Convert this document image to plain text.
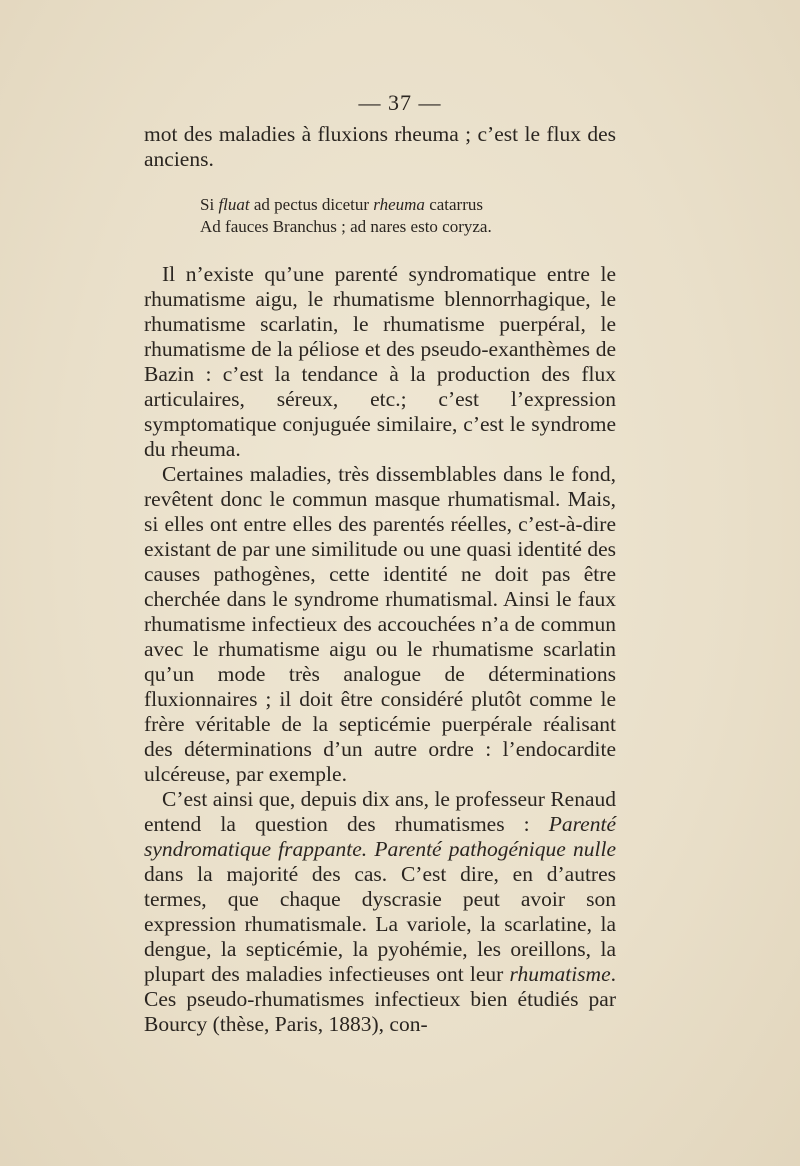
— 37 —

mot des maladies à fluxions rheuma ; c’est le flux des anciens.

Si fluat ad pectus dicetur rheuma catarrus
Ad fauces Branchus ; ad nares esto coryza.

Il n’existe qu’une parenté syndromatique entre le rhumatisme aigu, le rhumatisme blennorrhagique, le rhumatisme scarlatin, le rhumatisme puerpéral, le rhumatisme de la péliose et des pseudo-exanthèmes de Bazin : c’est la tendance à la production des flux articulaires, séreux, etc.; c’est l’expression symptomatique conjuguée similaire, c’est le syndrome du rheuma.

Certaines maladies, très dissemblables dans le fond, revêtent donc le commun masque rhumatismal. Mais, si elles ont entre elles des parentés réelles, c’est-à-dire existant de par une similitude ou une quasi identité des causes pathogènes, cette identité ne doit pas être cherchée dans le syndrome rhumatismal. Ainsi le faux rhumatisme infectieux des accouchées n’a de commun avec le rhumatisme aigu ou le rhumatisme scarlatin qu’un mode très analogue de déterminations fluxionnaires ; il doit être considéré plutôt comme le frère véritable de la septicémie puerpérale réalisant des déterminations d’un autre ordre : l’endocardite ulcéreuse, par exemple.

C’est ainsi que, depuis dix ans, le professeur Renaud entend la question des rhumatismes : Parenté syndromatique frappante. Parenté pathogénique nulle dans la majorité des cas. C’est dire, en d’autres termes, que chaque dyscrasie peut avoir son expression rhumatismale. La variole, la scarlatine, la dengue, la septicémie, la pyohémie, les oreillons, la plupart des maladies infectieuses ont leur rhumatisme. Ces pseudo-rhumatismes infectieux bien étudiés par Bourcy (thèse, Paris, 1883), con-
